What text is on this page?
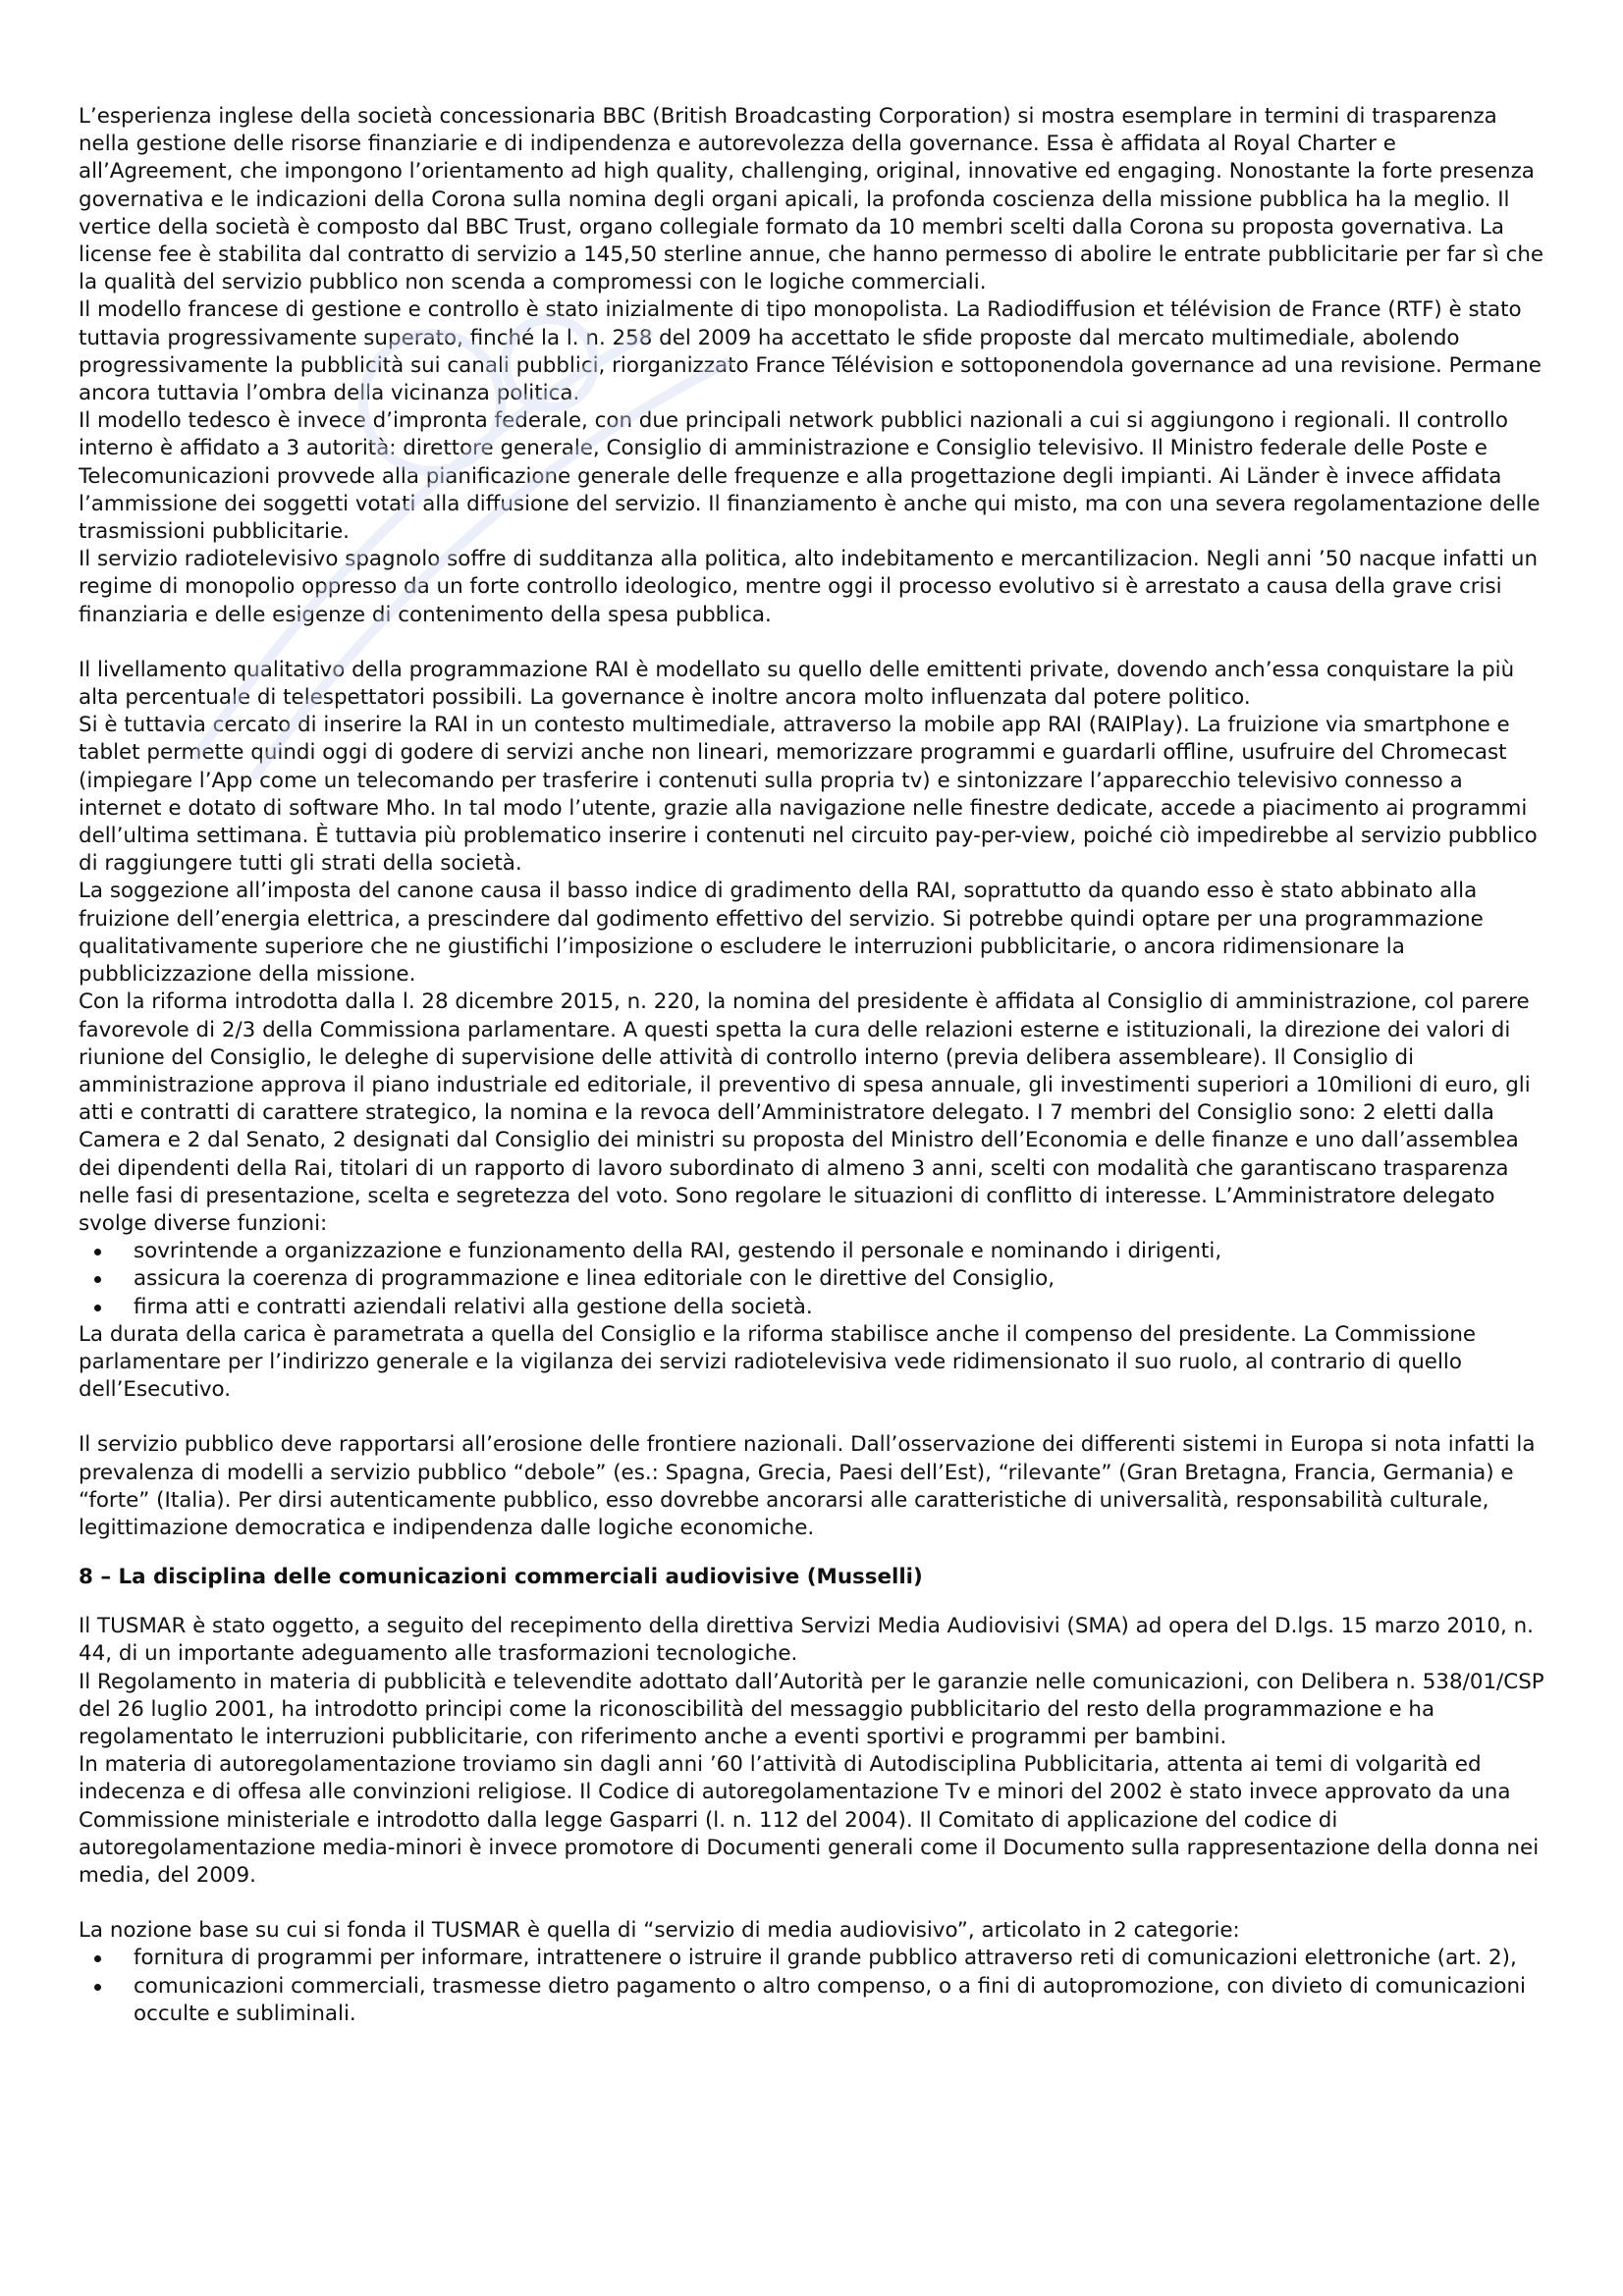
L’esperienza inglese della società concessionaria BBC (British Broadcasting Corporation) si mostra esemplare in termini di trasparenza nella gestione delle risorse finanziarie e di indipendenza e autorevolezza della governance. Essa è affidata al Royal Charter e all’Agreement, che impongono l’orientamento ad high quality, challenging, original, innovative ed engaging. Nonostante la forte presenza governativa e le indicazioni della Corona sulla nomina degli organi apicali, la profonda coscienza della missione pubblica ha la meglio. Il vertice della società è composto dal BBC Trust, organo collegiale formato da 10 membri scelti dalla Corona su proposta governativa. La license fee è stabilita dal contratto di servizio a 145,50 sterline annue, che hanno permesso di abolire le entrate pubblicitarie per far sì che la qualità del servizio pubblico non scenda a compromessi con le logiche commerciali.

Il modello francese di gestione e controllo è stato inizialmente di tipo monopolista. La Radiodiffusion et télévision de France (RTF) è stato tuttavia progressivamente superato, finché la l. n. 258 del 2009 ha accettato le sfide proposte dal mercato multimediale, abolendo progressivamente la pubblicità sui canali pubblici, riorganizzato France Télévision e sottoponendola governance ad una revisione. Permane ancora tuttavia l’ombra della vicinanza politica.

Il modello tedesco è invece d’impronta federale, con due principali network pubblici nazionali a cui si aggiungono i regionali. Il controllo interno è affidato a 3 autorità: direttore generale, Consiglio di amministrazione e Consiglio televisivo. Il Ministro federale delle Poste e Telecomunicazioni provvede alla pianificazione generale delle frequenze e alla progettazione degli impianti. Ai Länder è invece affidata l’ammissione dei soggetti votati alla diffusione del servizio. Il finanziamento è anche qui misto, ma con una severa regolamentazione delle trasmissioni pubblicitarie.

Il servizio radiotelevisivo spagnolo soffre di sudditanza alla politica, alto indebitamento e mercantilizacion. Negli anni ’50 nacque infatti un regime di monopolio oppresso da un forte controllo ideologico, mentre oggi il processo evolutivo si è arrestato a causa della grave crisi finanziaria e delle esigenze di contenimento della spesa pubblica.

Il livellamento qualitativo della programmazione RAI è modellato su quello delle emittenti private, dovendo anch’essa conquistare la più alta percentuale di telespettatori possibili. La governance è inoltre ancora molto influenzata dal potere politico.

Si è tuttavia cercato di inserire la RAI in un contesto multimediale, attraverso la mobile app RAI (RAIPlay). La fruizione via smartphone e tablet permette quindi oggi di godere di servizi anche non lineari, memorizzare programmi e guardarli offline, usufruire del Chromecast (impiegare l’App come un telecomando per trasferire i contenuti sulla propria tv) e sintonizzare l’apparecchio televisivo connesso a internet e dotato di software Mho. In tal modo l’utente, grazie alla navigazione nelle finestre dedicate, accede a piacimento ai programmi dell’ultima settimana. È tuttavia più problematico inserire i contenuti nel circuito pay-per-view, poiché ciò impedirebbe al servizio pubblico di raggiungere tutti gli strati della società.

La soggezione all’imposta del canone causa il basso indice di gradimento della RAI, soprattutto da quando esso è stato abbinato alla fruizione dell’energia elettrica, a prescindere dal godimento effettivo del servizio. Si potrebbe quindi optare per una programmazione qualitativamente superiore che ne giustifichi l’imposizione o escludere le interruzioni pubblicitarie, o ancora ridimensionare la pubblicizzazione della missione.

Con la riforma introdotta dalla l. 28 dicembre 2015, n. 220, la nomina del presidente è affidata al Consiglio di amministrazione, col parere favorevole di 2/3 della Commissiona parlamentare. A questi spetta la cura delle relazioni esterne e istituzionali, la direzione dei valori di riunione del Consiglio, le deleghe di supervisione delle attività di controllo interno (previa delibera assembleare). Il Consiglio di amministrazione approva il piano industriale ed editoriale, il preventivo di spesa annuale, gli investimenti superiori a 10milioni di euro, gli atti e contratti di carattere strategico, la nomina e la revoca dell’Amministratore delegato. I 7 membri del Consiglio sono: 2 eletti dalla Camera e 2 dal Senato, 2 designati dal Consiglio dei ministri su proposta del Ministro dell’Economia e delle finanze e uno dall’assemblea dei dipendenti della Rai, titolari di un rapporto di lavoro subordinato di almeno 3 anni, scelti con modalità che garantiscano trasparenza nelle fasi di presentazione, scelta e segretezza del voto. Sono regolare le situazioni di conflitto di interesse. L’Amministratore delegato svolge diverse funzioni:

sovrintende a organizzazione e funzionamento della RAI, gestendo il personale e nominando i dirigenti,
assicura la coerenza di programmazione e linea editoriale con le direttive del Consiglio,
firma atti e contratti aziendali relativi alla gestione della società.

La durata della carica è parametrata a quella del Consiglio e la riforma stabilisce anche il compenso del presidente. La Commissione parlamentare per l’indirizzo generale e la vigilanza dei servizi radiotelevisiva vede ridimensionato il suo ruolo, al contrario di quello dell’Esecutivo.

Il servizio pubblico deve rapportarsi all’erosione delle frontiere nazionali. Dall’osservazione dei differenti sistemi in Europa si nota infatti la prevalenza di modelli a servizio pubblico “debole” (es.: Spagna, Grecia, Paesi dell’Est), “rilevante” (Gran Bretagna, Francia, Germania) e “forte” (Italia). Per dirsi autenticamente pubblico, esso dovrebbe ancorarsi alle caratteristiche di universalità, responsabilità culturale, legittimazione democratica e indipendenza dalle logiche economiche.

8 – La disciplina delle comunicazioni commerciali audiovisive (Musselli)

Il TUSMAR è stato oggetto, a seguito del recepimento della direttiva Servizi Media Audiovisivi (SMA) ad opera del D.lgs. 15 marzo 2010, n. 44, di un importante adeguamento alle trasformazioni tecnologiche.

Il Regolamento in materia di pubblicità e televendite adottato dall’Autorità per le garanzie nelle comunicazioni, con Delibera n. 538/01/CSP del 26 luglio 2001, ha introdotto principi come la riconoscibilità del messaggio pubblicitario del resto della programmazione e ha regolamentato le interruzioni pubblicitarie, con riferimento anche a eventi sportivi e programmi per bambini.

In materia di autoregolamentazione troviamo sin dagli anni ’60 l’attività di Autodisciplina Pubblicitaria, attenta ai temi di volgarità ed indecenza e di offesa alle convinzioni religiose. Il Codice di autoregolamentazione Tv e minori del 2002 è stato invece approvato da una Commissione ministeriale e introdotto dalla legge Gasparri (l. n. 112 del 2004). Il Comitato di applicazione del codice di autoregolamentazione media-minori è invece promotore di Documenti generali come il Documento sulla rappresentazione della donna nei media, del 2009.

La nozione base su cui si fonda il TUSMAR è quella di “servizio di media audiovisivo”, articolato in 2 categorie:

fornitura di programmi per informare, intrattenere o istruire il grande pubblico attraverso reti di comunicazioni elettroniche (art. 2),
comunicazioni commerciali, trasmesse dietro pagamento o altro compenso, o a fini di autopromozione, con divieto di comunicazioni occulte e subliminali.
